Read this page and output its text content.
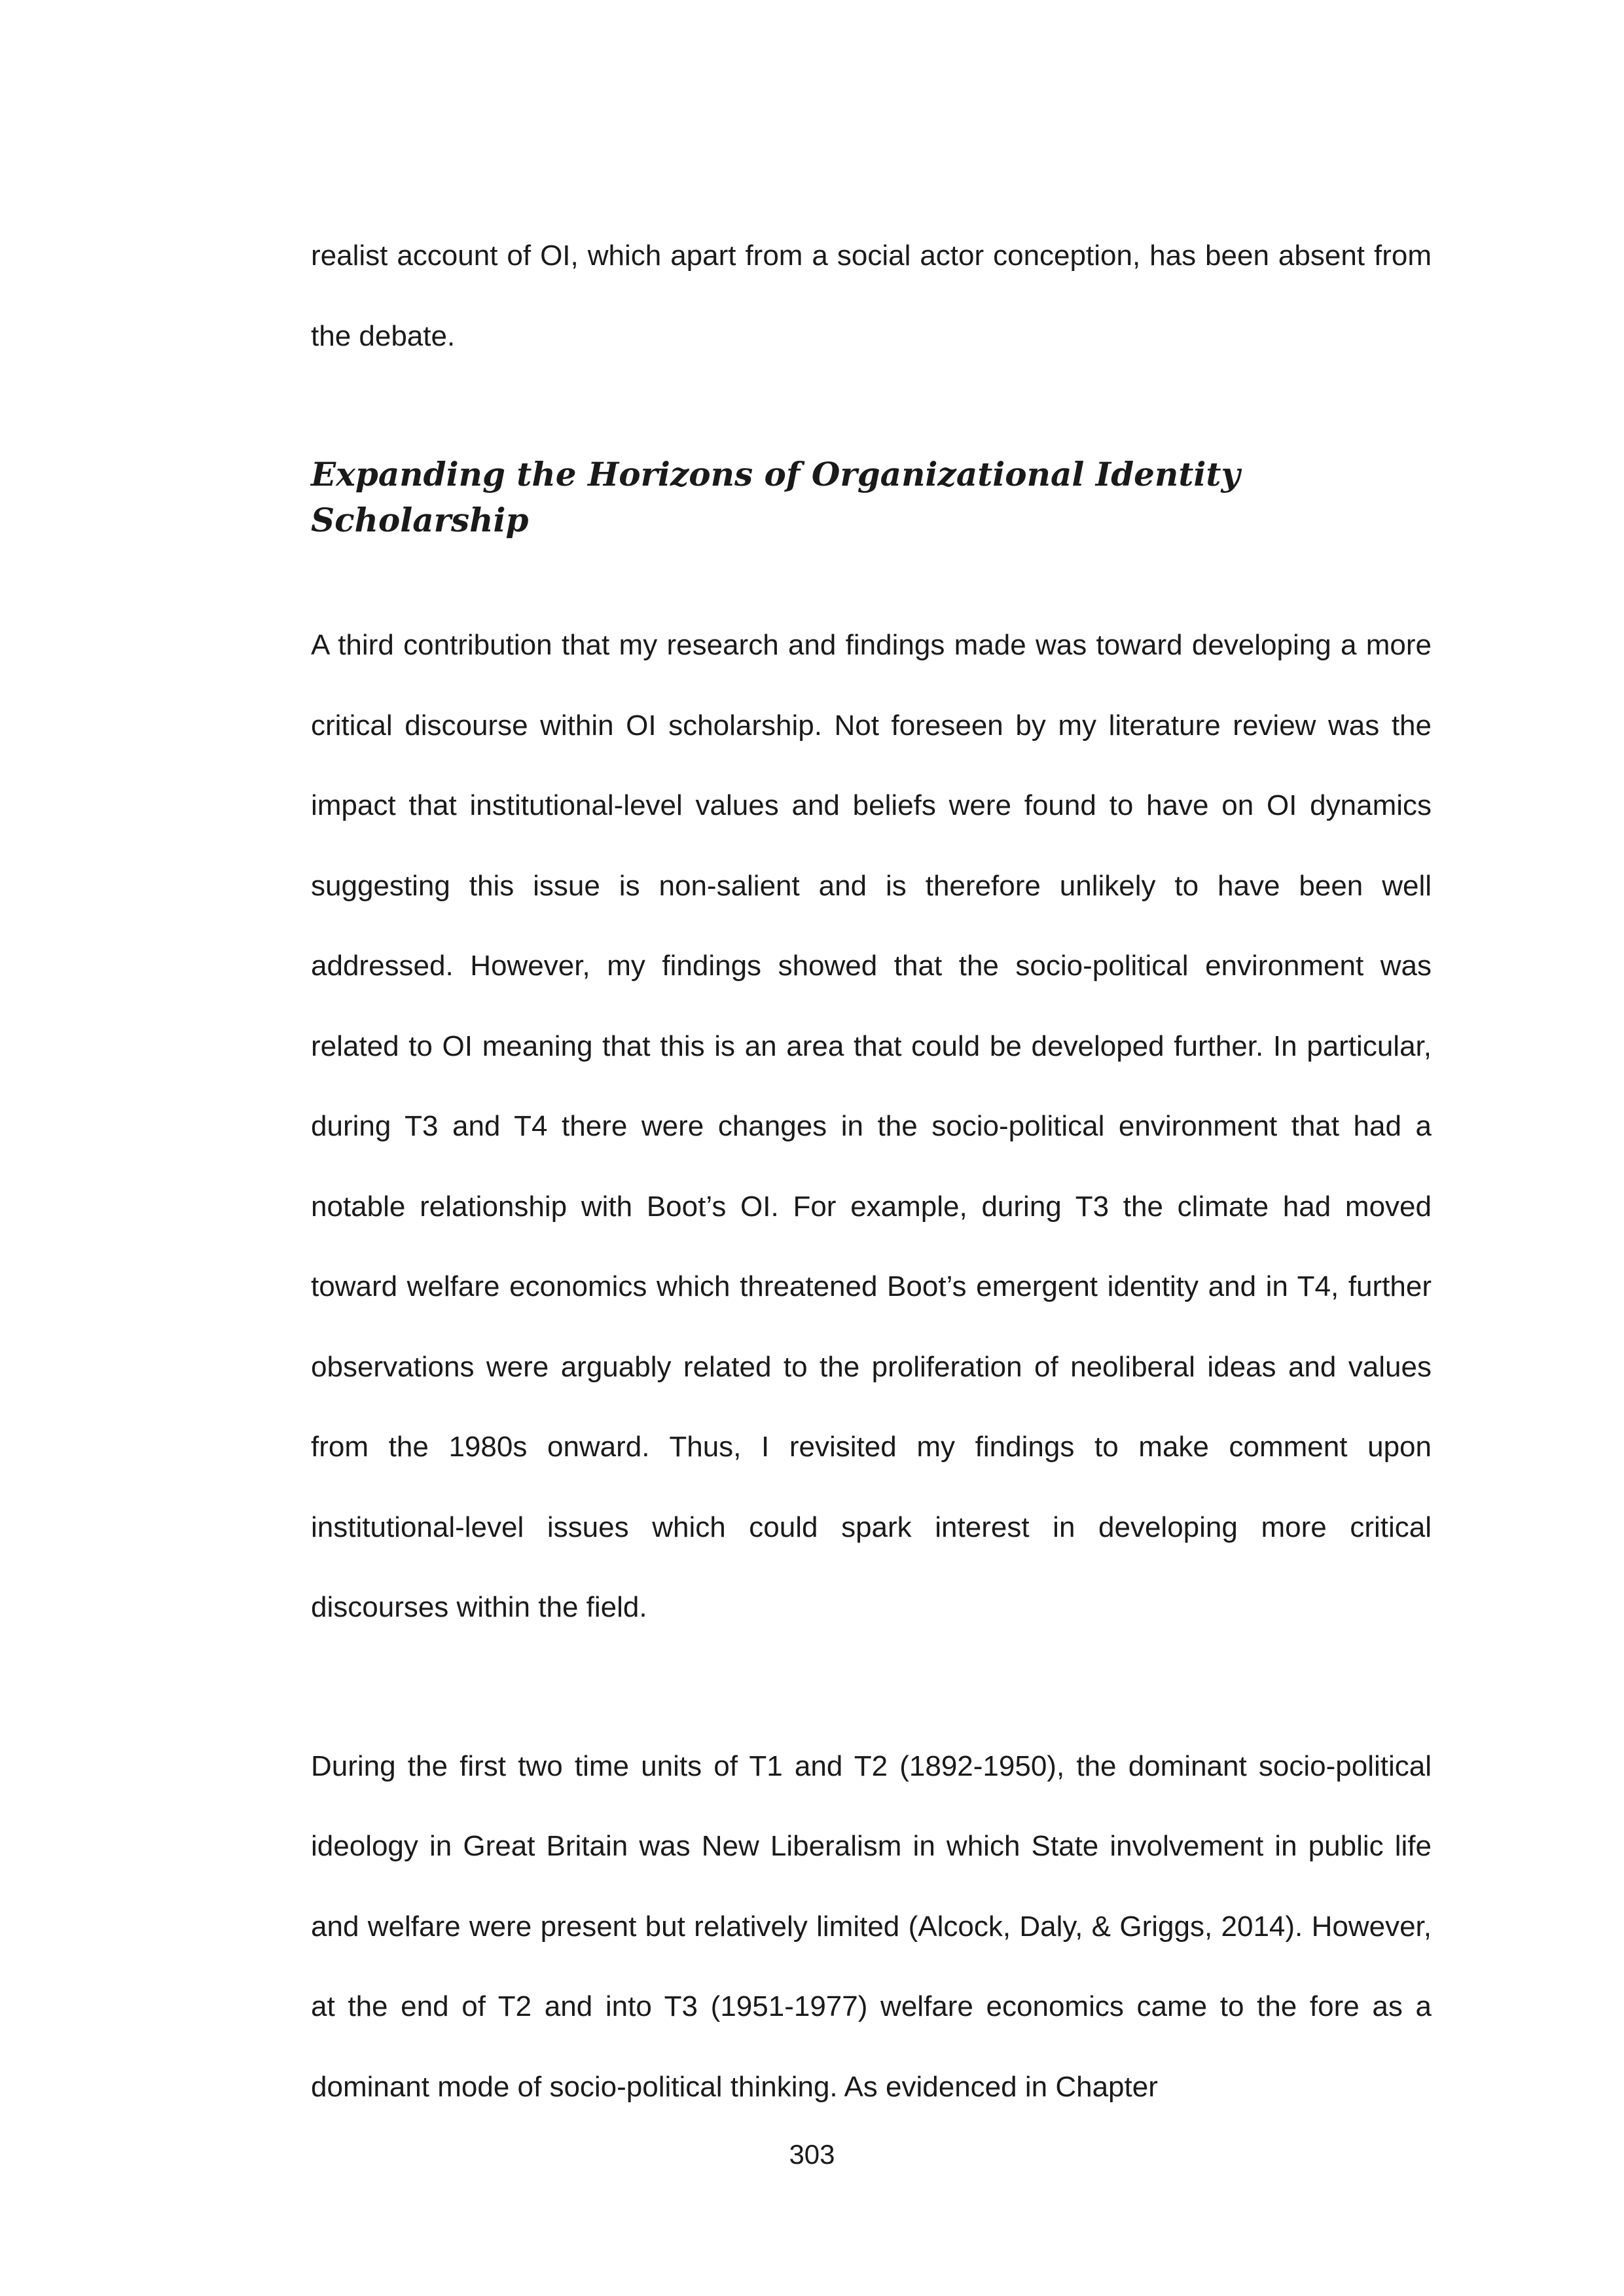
realist account of OI, which apart from a social actor conception, has been absent from the debate.

Expanding the Horizons of Organizational Identity Scholarship

A third contribution that my research and findings made was toward developing a more critical discourse within OI scholarship. Not foreseen by my literature review was the impact that institutional-level values and beliefs were found to have on OI dynamics suggesting this issue is non-salient and is therefore unlikely to have been well addressed. However, my findings showed that the socio-political environment was related to OI meaning that this is an area that could be developed further. In particular, during T3 and T4 there were changes in the socio-political environment that had a notable relationship with Boot’s OI. For example, during T3 the climate had moved toward welfare economics which threatened Boot’s emergent identity and in T4, further observations were arguably related to the proliferation of neoliberal ideas and values from the 1980s onward. Thus, I revisited my findings to make comment upon institutional-level issues which could spark interest in developing more critical discourses within the field.

During the first two time units of T1 and T2 (1892-1950), the dominant socio-political ideology in Great Britain was New Liberalism in which State involvement in public life and welfare were present but relatively limited (Alcock, Daly, & Griggs, 2014). However, at the end of T2 and into T3 (1951-1977) welfare economics came to the fore as a dominant mode of socio-political thinking. As evidenced in Chapter

303
